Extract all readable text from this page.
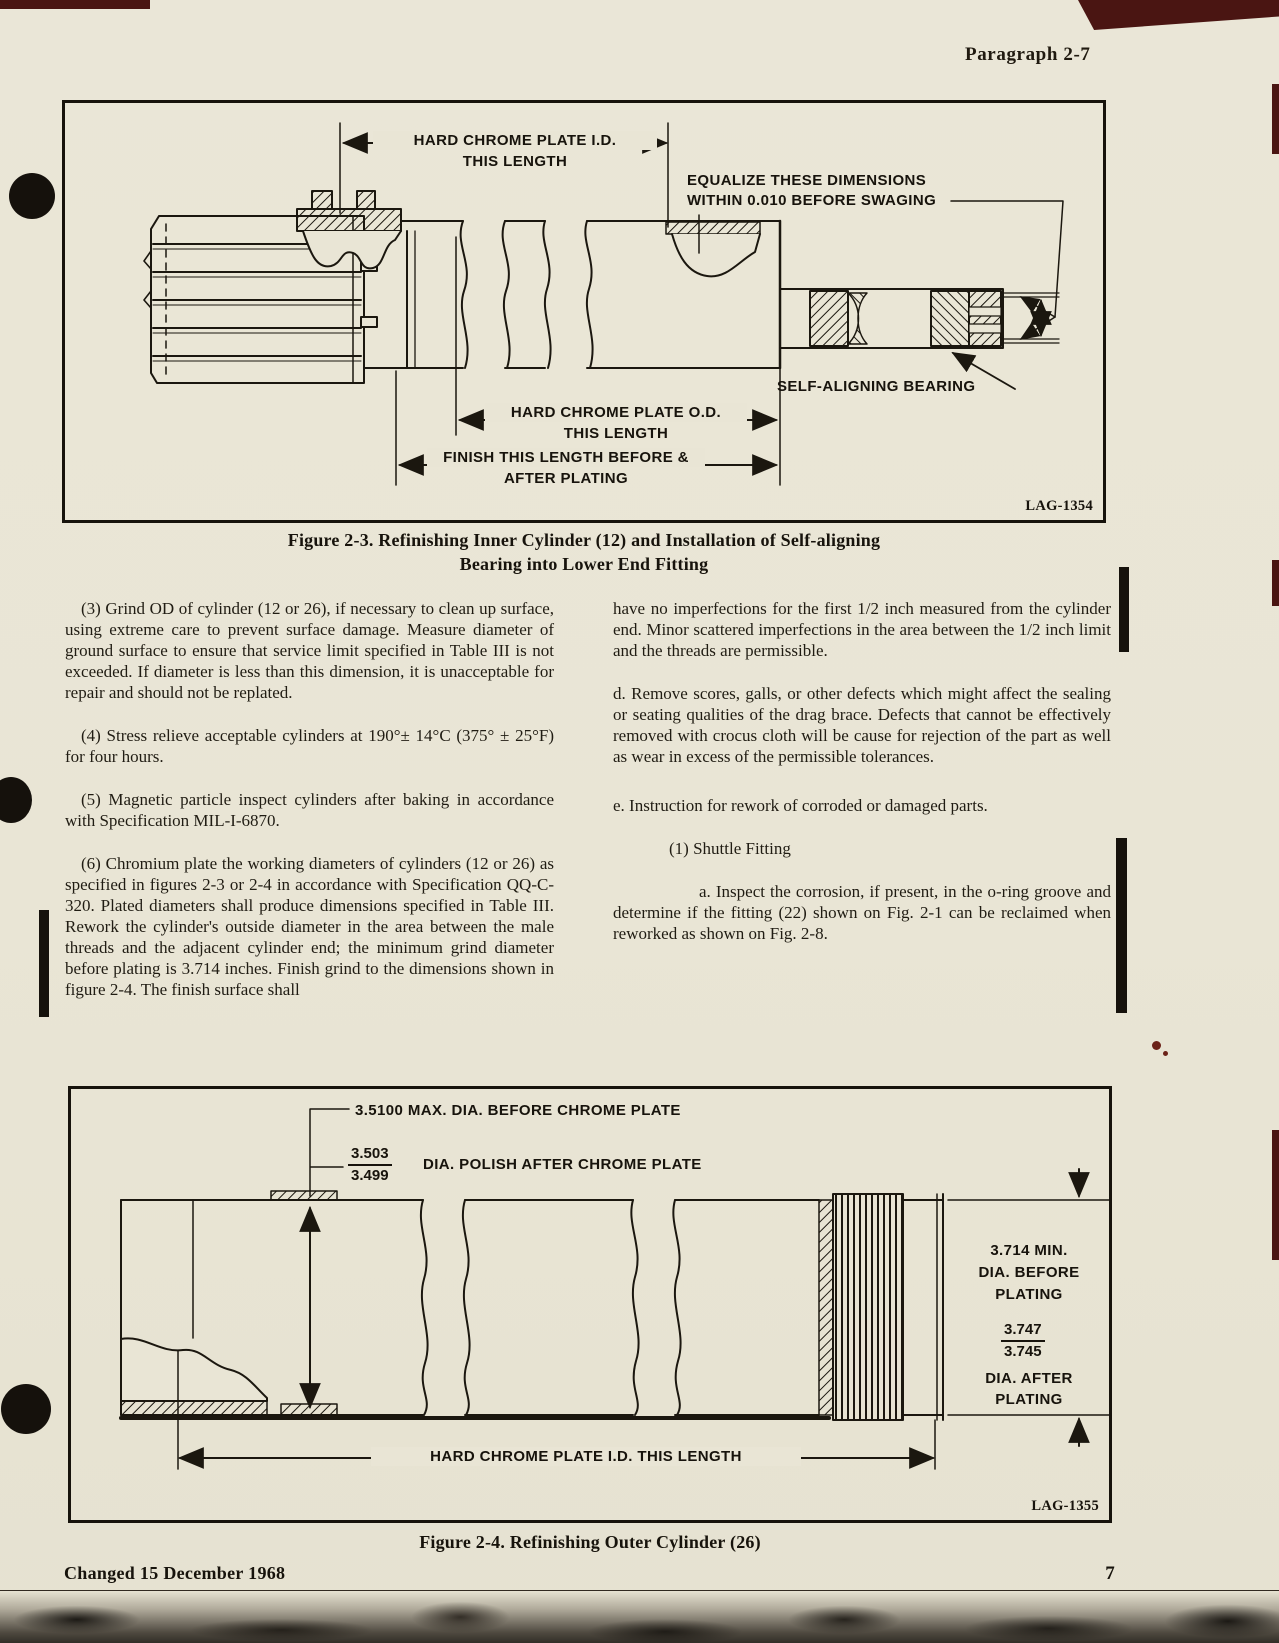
Paragraph 2-7
HARD CHROME PLATE I.D.
THIS LENGTH
EQUALIZE THESE DIMENSIONS
WITHIN 0.010 BEFORE SWAGING
SELF-ALIGNING BEARING
HARD CHROME PLATE O.D.
THIS LENGTH
FINISH THIS LENGTH BEFORE &
AFTER PLATING
LAG-1354
Figure 2-3. Refinishing Inner Cylinder (12) and Installation of Self-aligning
Bearing into Lower End Fitting

(3) Grind OD of cylinder (12 or 26), if necessary to clean up surface, using extreme care to prevent surface damage. Measure diameter of ground surface to ensure that service limit specified in Table III is not exceeded. If diameter is less than this dimension, it is unacceptable for repair and should not be replated.

(4) Stress relieve acceptable cylinders at 190°± 14°C (375° ± 25°F) for four hours.

(5) Magnetic particle inspect cylinders after baking in accordance with Specification MIL-I-6870.

(6) Chromium plate the working diameters of cylinders (12 or 26) as specified in figures 2-3 or 2-4 in accordance with Specification QQ-C-320. Plated diameters shall produce dimensions specified in Table III. Rework the cylinder's outside diameter in the area between the male threads and the adjacent cylinder end; the minimum grind diameter before plating is 3.714 inches. Finish grind to the dimensions shown in figure 2-4. The finish surface shall

have no imperfections for the first 1/2 inch measured from the cylinder end. Minor scattered imperfections in the area between the 1/2 inch limit and the threads are permissible.

d. Remove scores, galls, or other defects which might affect the sealing or seating qualities of the drag brace. Defects that cannot be effectively removed with crocus cloth will be cause for rejection of the part as well as wear in excess of the permissible tolerances.

e. Instruction for rework of corroded or damaged parts.

(1) Shuttle Fitting

a. Inspect the corrosion, if present, in the o-ring groove and determine if the fitting (22) shown on Fig. 2-1 can be reclaimed when reworked as shown on Fig. 2-8.

3.5100 MAX. DIA. BEFORE CHROME PLATE
$\frac{3.503}{3.499}$ DIA. POLISH AFTER CHROME PLATE
3.714 MIN.
DIA. BEFORE
PLATING
$\frac{3.747}{3.745}$
DIA. AFTER
PLATING
HARD CHROME PLATE I.D. THIS LENGTH
LAG-1355
Figure 2-4. Refinishing Outer Cylinder (26)
Changed 15 December 1968	7
